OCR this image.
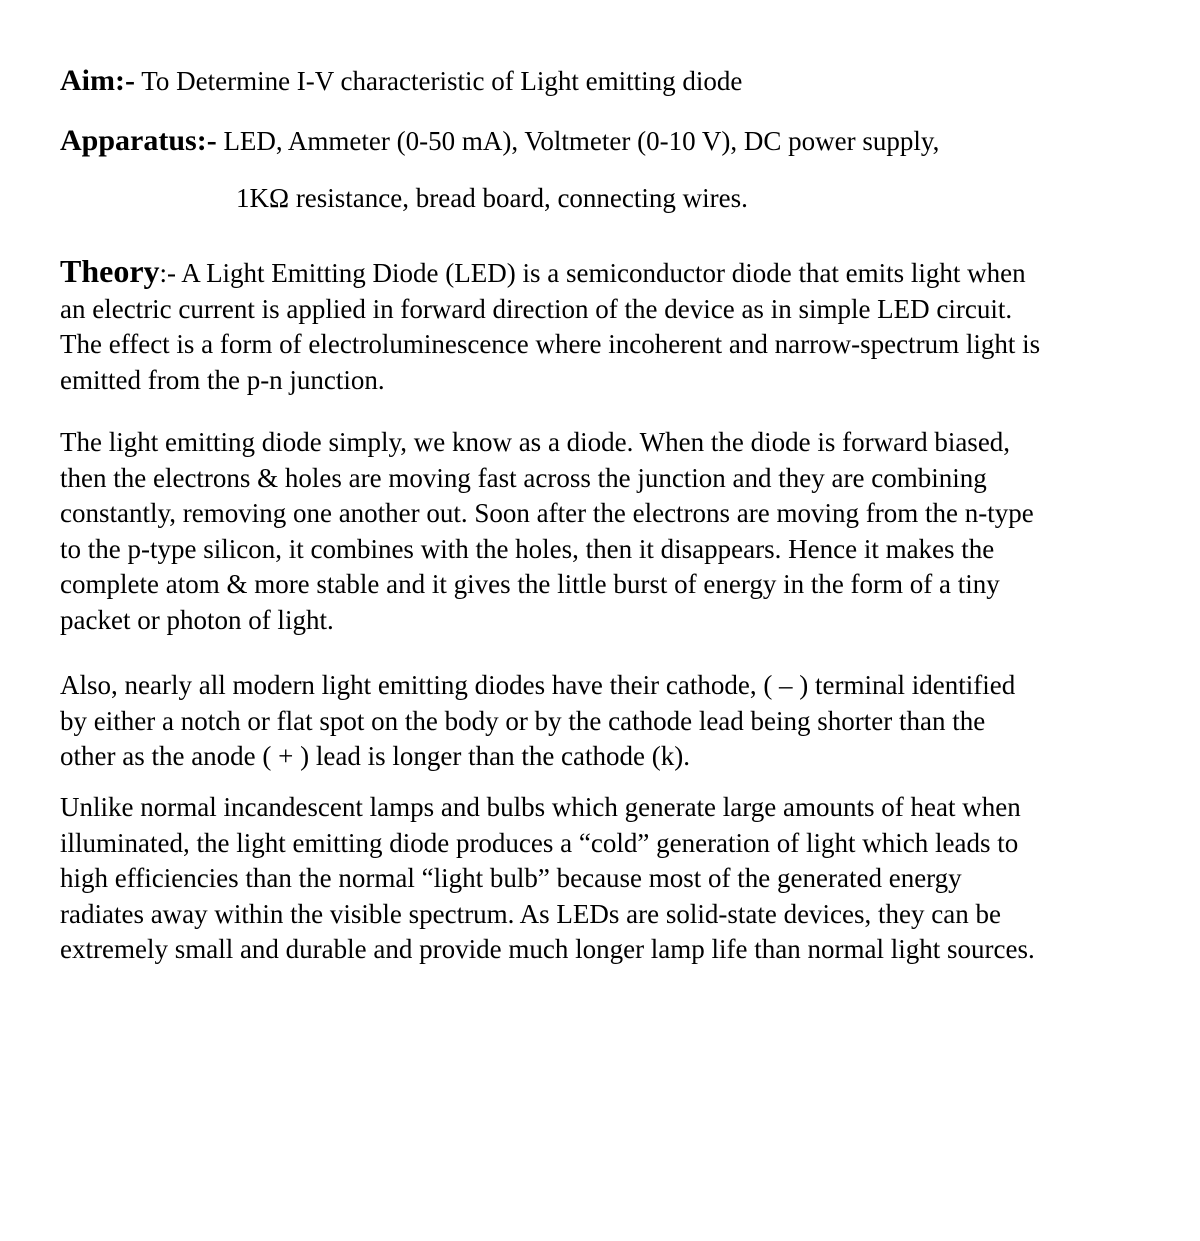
Aim:- To Determine I-V characteristic of Light emitting diode
Apparatus:- LED, Ammeter (0-50 mA), Voltmeter (0-10 V), DC power supply,
1KΩ resistance, bread board, connecting wires.

Theory:- A Light Emitting Diode (LED) is a semiconductor diode that emits light when
an electric current is applied in forward direction of the device as in simple LED circuit.
The effect is a form of electroluminescence where incoherent and narrow-spectrum light is
emitted from the p-n junction.

The light emitting diode simply, we know as a diode. When the diode is forward biased,
then the electrons & holes are moving fast across the junction and they are combining
constantly, removing one another out. Soon after the electrons are moving from the n-type
to the p-type silicon, it combines with the holes, then it disappears. Hence it makes the
complete atom & more stable and it gives the little burst of energy in the form of a tiny
packet or photon of light.

Also, nearly all modern light emitting diodes have their cathode, ( – ) terminal identified
by either a notch or flat spot on the body or by the cathode lead being shorter than the
other as the anode ( + ) lead is longer than the cathode (k).

Unlike normal incandescent lamps and bulbs which generate large amounts of heat when
illuminated, the light emitting diode produces a “cold” generation of light which leads to
high efficiencies than the normal “light bulb” because most of the generated energy
radiates away within the visible spectrum. As LEDs are solid-state devices, they can be
extremely small and durable and provide much longer lamp life than normal light sources.
